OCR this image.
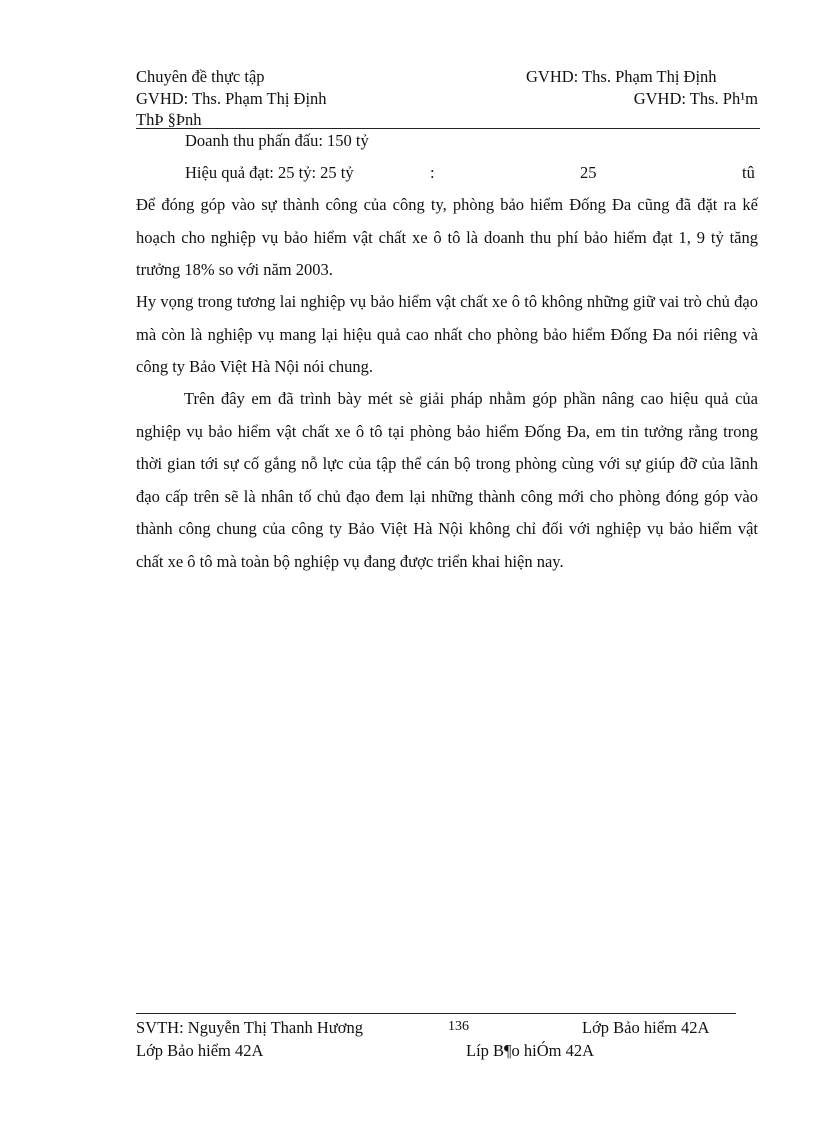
Chuyên đề thực tập	GVHD: Ths. Phạm Thị Định
GVHD: Ths. Phạm Thị Định	GVHD: Ths. Ph¹m
ThÞ §Þnh
Doanh thu phấn đấu: 150 tỷ
Hiệu quả đạt: 25 tỷ: 25 tỷ	:	25	tû
Để đóng góp vào sự thành công của công ty, phòng bảo hiểm Đống Đa cũng đã đặt ra kế hoạch cho nghiệp vụ bảo hiểm vật chất xe ô tô là doanh thu phí bảo hiểm đạt 1, 9 tỷ tăng trưởng 18% so với năm 2003.
Hy vọng trong tương lai nghiệp vụ bảo hiểm vật chất xe ô tô không những giữ vai trò chủ đạo mà còn là nghiệp vụ mang lại hiệu quả cao nhất cho phòng bảo hiểm Đống Đa nói riêng và công ty Bảo Việt Hà Nội nói chung.
Trên đây em đã trình bày mét sè giải pháp nhằm góp phần nâng cao hiệu quả của nghiệp vụ bảo hiểm vật chất xe ô tô tại phòng bảo hiểm Đống Đa, em tin tưởng rằng trong thời gian tới sự cố gắng nỗ lực của tập thể cán bộ trong phòng cùng với sự giúp đỡ của lãnh đạo cấp trên sẽ là nhân tố chủ đạo đem lại những thành công mới cho phòng đóng góp vào thành công chung của công ty Bảo Việt Hà Nội không chỉ đối với nghiệp vụ bảo hiểm vật chất xe ô tô mà toàn bộ nghiệp vụ đang được triển khai hiện nay.
SVTH: Nguyễn Thị Thanh Hương	136	Lớp Bảo hiểm 42A
Lớp Bảo hiểm 42A	Líp B¶o hiÓm 42A
